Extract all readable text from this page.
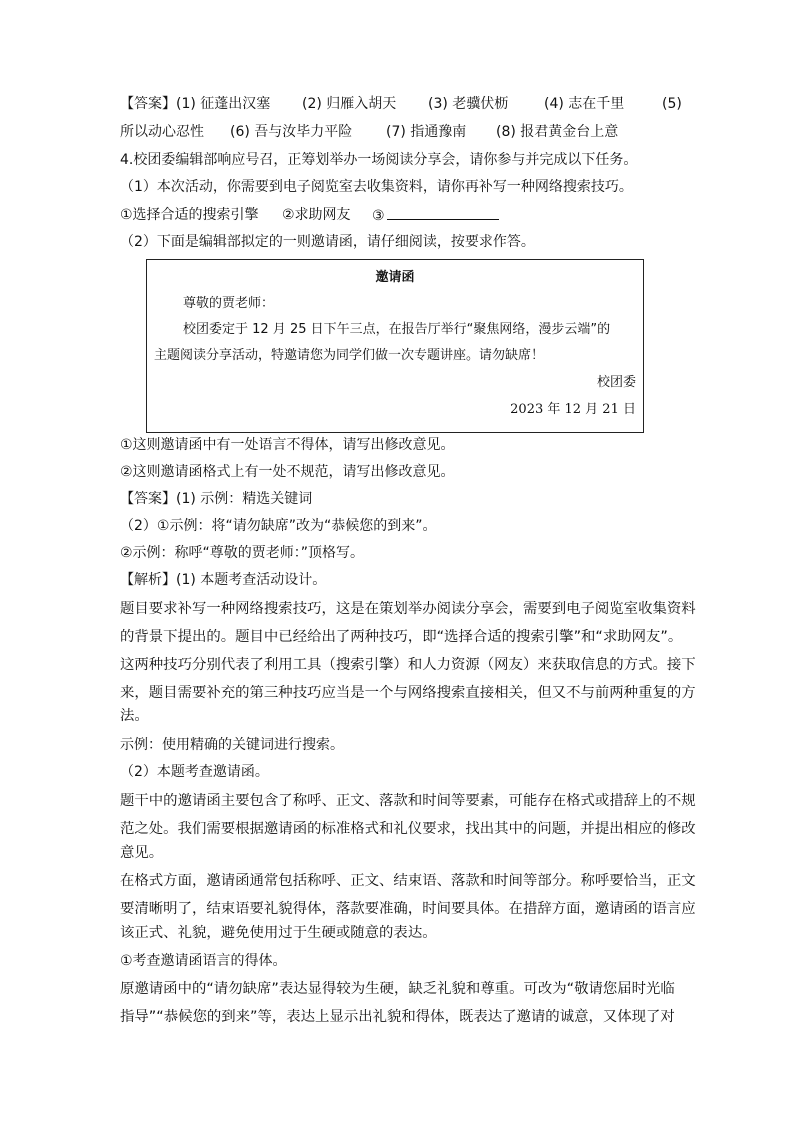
【答案】(1) 征蓬出汉塞 (2) 归雁入胡天 (3) 老骥伏枥	(4) 志在千里	(5)
所以动心忍性 (6) 吾与汝毕力平险 (7) 指通豫南 (8) 报君黄金台上意
4.校团委编辑部响应号召，正筹划举办一场阅读分享会，请你参与并完成以下任务。
（1）本次活动，你需要到电子阅览室去收集资料，请你再补写一种网络搜索技巧。
①选择合适的搜索引擎 ②求助网友 ③
（2）下面是编辑部拟定的一则邀请函，请仔细阅读，按要求作答。
邀请函
尊敬的贾老师：
校团委定于 12 月 25 日下午三点，在报告厅举行“聚焦网络，漫步云端”的
主题阅读分享活动，特邀请您为同学们做一次专题讲座。请勿缺席！
校团委
2023 年 12 月 21 日
①这则邀请函中有一处语言不得体，请写出修改意见。
②这则邀请函格式上有一处不规范，请写出修改意见。
【答案】(1) 示例：精选关键词
（2）①示例：将“请勿缺席”改为“恭候您的到来”。
②示例：称呼“尊敬的贾老师：”顶格写。
【解析】(1) 本题考查活动设计。
题目要求补写一种网络搜索技巧，这是在策划举办阅读分享会，需要到电子阅览室收集资料
的背景下提出的。题目中已经给出了两种技巧，即“选择合适的搜索引擎”和“求助网友”。
这两种技巧分别代表了利用工具（搜索引擎）和人力资源（网友）来获取信息的方式。接下
来，题目需要补充的第三种技巧应当是一个与网络搜索直接相关，但又不与前两种重复的方
法。
示例：使用精确的关键词进行搜索。
（2）本题考查邀请函。
题干中的邀请函主要包含了称呼、正文、落款和时间等要素，可能存在格式或措辞上的不规
范之处。我们需要根据邀请函的标准格式和礼仪要求，找出其中的问题，并提出相应的修改
意见。
在格式方面，邀请函通常包括称呼、正文、结束语、落款和时间等部分。称呼要恰当，正文
要清晰明了，结束语要礼貌得体，落款要准确，时间要具体。在措辞方面，邀请函的语言应
该正式、礼貌，避免使用过于生硬或随意的表达。
①考查邀请函语言的得体。
原邀请函中的“请勿缺席”表达显得较为生硬，缺乏礼貌和尊重。可改为“敬请您届时光临
指导”“恭候您的到来”等，表达上显示出礼貌和得体，既表达了邀请的诚意，又体现了对
